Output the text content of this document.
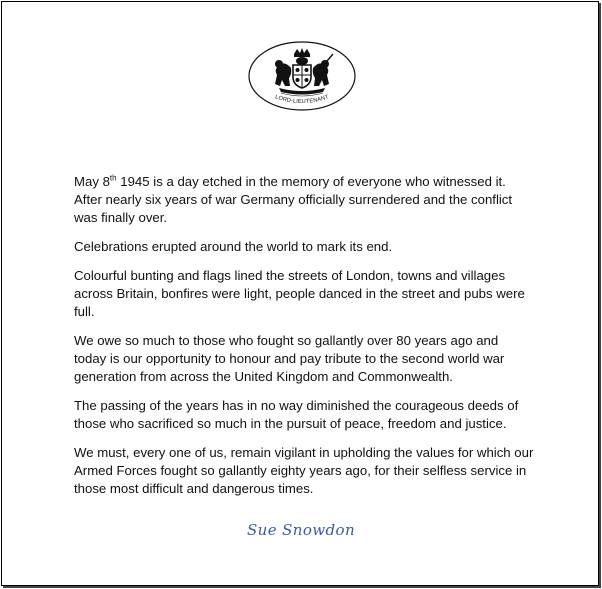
LORD-LIEUTENANT

May 8th 1945 is a day etched in the memory of everyone who witnessed it. After nearly six years of war Germany officially surrendered and the conflict was finally over.

Celebrations erupted around the world to mark its end.

Colourful bunting and flags lined the streets of London, towns and villages across Britain, bonfires were light, people danced in the street and pubs were full.

We owe so much to those who fought so gallantly over 80 years ago and today is our opportunity to honour and pay tribute to the second world war generation from across the United Kingdom and Commonwealth.

The passing of the years has in no way diminished the courageous deeds of those who sacrificed so much in the pursuit of peace, freedom and justice.

We must, every one of us, remain vigilant in upholding the values for which our Armed Forces fought so gallantly eighty years ago, for their selfless service in those most difficult and dangerous times.

Sue Snowdon
